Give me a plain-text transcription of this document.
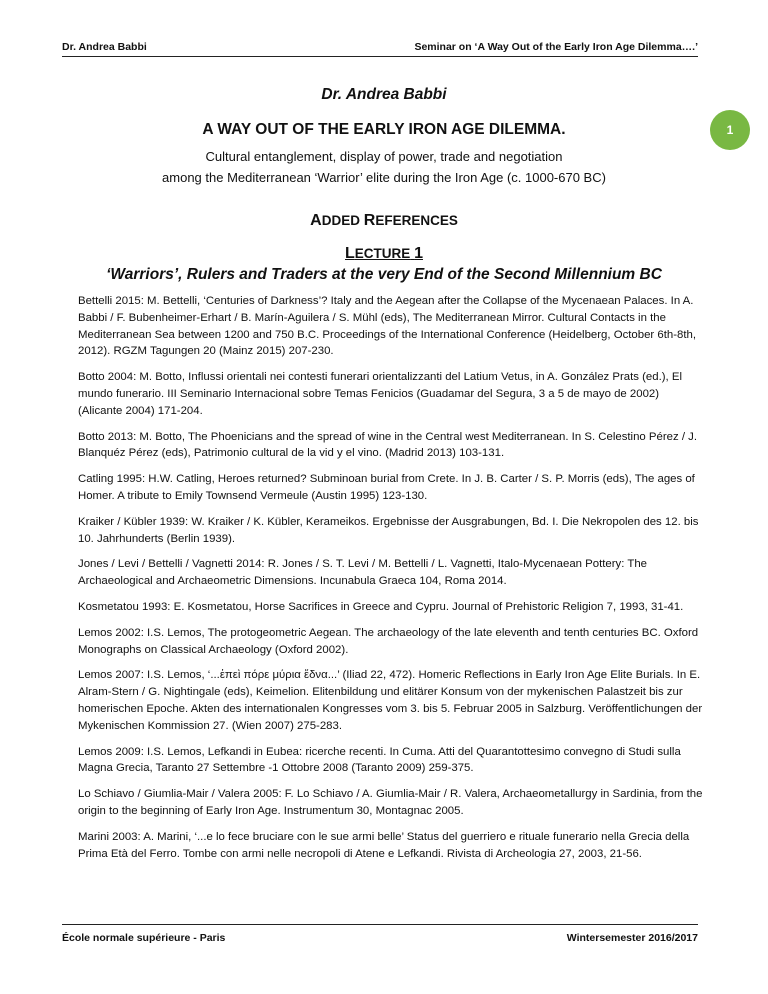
Dr. Andrea Babbi	Seminar on ‘A Way Out of the Early Iron Age Dilemma….’
Dr. Andrea Babbi
1
A WAY OUT OF THE EARLY IRON AGE DILEMMA.
Cultural entanglement, display of power, trade and negotiation
among the Mediterranean ‘Warrior’ elite during the Iron Age (c. 1000-670 BC)
ADDED REFERENCES
LECTURE 1
‘Warriors’, Rulers and Traders at the very End of the Second Millennium BC

Bettelli 2015: M. Bettelli, ‘Centuries of Darkness’? Italy and the Aegean after the Collapse of the Mycenaean Palaces. In A. Babbi / F. Bubenheimer-Erhart / B. Marín-Aguilera / S. Mühl (eds), The Mediterranean Mirror. Cultural Contacts in the Mediterranean Sea between 1200 and 750 B.C. Proceedings of the International Conference (Heidelberg, October 6th-8th, 2012). RGZM Tagungen 20 (Mainz 2015) 207-230.

Botto 2004: M. Botto, Influssi orientali nei contesti funerari orientalizzanti del Latium Vetus, in A. González Prats (ed.), El mundo funerario. III Seminario Internacional sobre Temas Fenicios (Guadamar del Segura, 3 a 5 de mayo de 2002) (Alicante 2004) 171-204.

Botto 2013: M. Botto, The Phoenicians and the spread of wine in the Central west Mediterranean. In S. Celestino Pérez / J. Blanquéz Pérez (eds), Patrimonio cultural de la vid y el vino. (Madrid 2013) 103-131.

Catling 1995: H.W. Catling, Heroes returned? Subminoan burial from Crete. In J. B. Carter / S. P. Morris (eds), The ages of Homer. A tribute to Emily Townsend Vermeule (Austin 1995) 123-130.

Kraiker / Kübler 1939: W. Kraiker / K. Kübler, Kerameikos. Ergebnisse der Ausgrabungen, Bd. I. Die Nekropolen des 12. bis 10. Jahrhunderts (Berlin 1939).

Jones / Levi / Bettelli / Vagnetti 2014: R. Jones / S. T. Levi / M. Bettelli / L. Vagnetti, Italo-Mycenaean Pottery: The Archaeological and Archaeometric Dimensions. Incunabula Graeca 104, Roma 2014.

Kosmetatou 1993: E. Kosmetatou, Horse Sacrifices in Greece and Cypru. Journal of Prehistoric Religion 7, 1993, 31-41.

Lemos 2002: I.S. Lemos, The protogeometric Aegean. The archaeology of the late eleventh and tenth centuries BC. Oxford Monographs on Classical Archaeology (Oxford 2002).

Lemos 2007: I.S. Lemos, ‘...ἐπεὶ πόρε μύρια ἕδνα...’ (Iliad 22, 472). Homeric Reflections in Early Iron Age Elite Burials. In E. Alram-Stern / G. Nightingale (eds), Keimelion. Elitenbildung und elitärer Konsum von der mykenischen Palastzeit bis zur homerischen Epoche. Akten des internationalen Kongresses vom 3. bis 5. Februar 2005 in Salzburg. Veröffentlichungen der Mykenischen Kommission 27. (Wien 2007) 275-283.

Lemos 2009: I.S. Lemos, Lefkandi in Eubea: ricerche recenti. In Cuma. Atti del Quarantottesimo convegno di Studi sulla Magna Grecia, Taranto 27 Settembre -1 Ottobre 2008 (Taranto 2009) 259-375.

Lo Schiavo / Giumlia-Mair / Valera 2005: F. Lo Schiavo / A. Giumlia-Mair / R. Valera, Archaeometallurgy in Sardinia, from the origin to the beginning of Early Iron Age. Instrumentum 30, Montagnac 2005.

Marini 2003: A. Marini, ‘...e lo fece bruciare con le sue armi belle’ Status del guerriero e rituale funerario nella Grecia della Prima Età del Ferro. Tombe con armi nelle necropoli di Atene e Lefkandi. Rivista di Archeologia 27, 2003, 21-56.

École normale supérieure - Paris	Wintersemester 2016/2017
